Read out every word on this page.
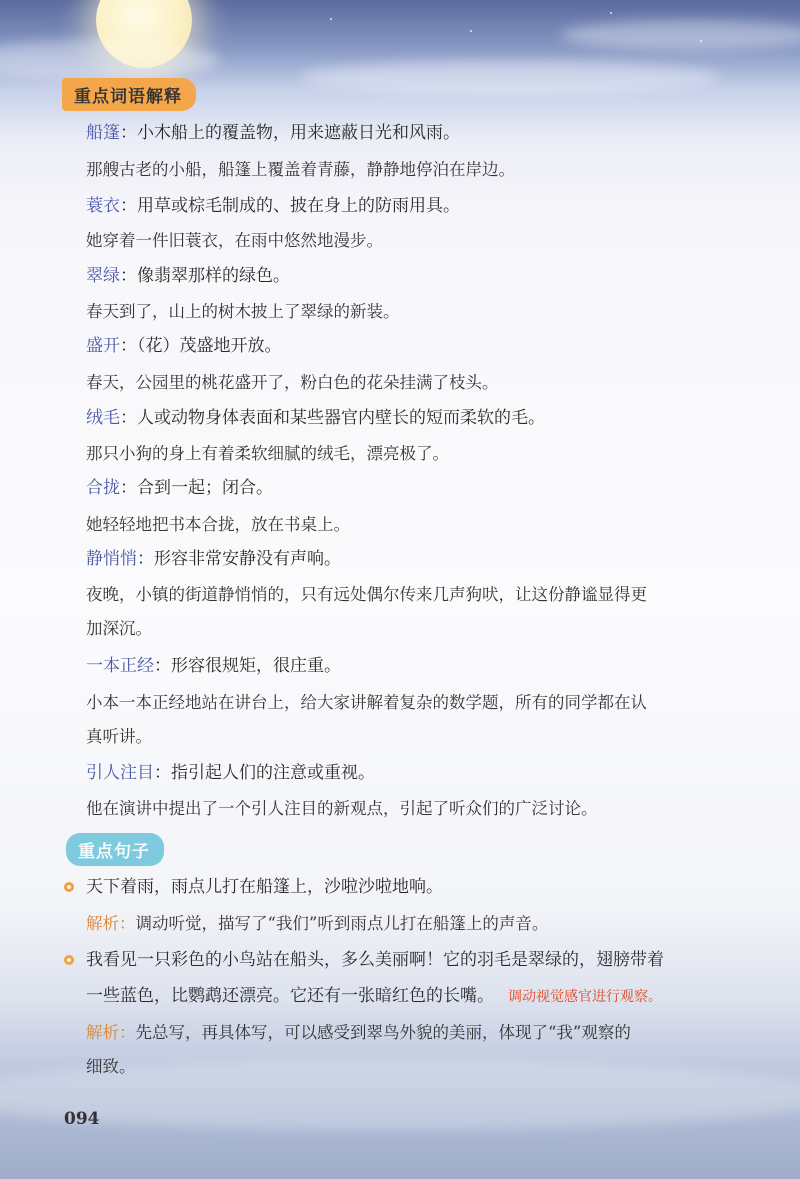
重点词语解释
船篷：小木船上的覆盖物，用来遮蔽日光和风雨。
那艘古老的小船，船篷上覆盖着青藤，静静地停泊在岸边。
蓑衣：用草或棕毛制成的、披在身上的防雨用具。
她穿着一件旧蓑衣，在雨中悠然地漫步。
翠绿：像翡翠那样的绿色。
春天到了，山上的树木披上了翠绿的新装。
盛开：（花）茂盛地开放。
春天，公园里的桃花盛开了，粉白色的花朵挂满了枝头。
绒毛：人或动物身体表面和某些器官内壁长的短而柔软的毛。
那只小狗的身上有着柔软细腻的绒毛，漂亮极了。
合拢：合到一起；闭合。
她轻轻地把书本合拢，放在书桌上。
静悄悄：形容非常安静没有声响。
夜晚，小镇的街道静悄悄的，只有远处偶尔传来几声狗吠，让这份静谧显得更
加深沉。
一本正经：形容很规矩，很庄重。
小本一本正经地站在讲台上，给大家讲解着复杂的数学题，所有的同学都在认
真听讲。
引人注目：指引起人们的注意或重视。
他在演讲中提出了一个引人注目的新观点，引起了听众们的广泛讨论。
重点句子
天下着雨，雨点儿打在船篷上，沙啦沙啦地响。
解析：调动听觉，描写了“我们”听到雨点儿打在船篷上的声音。
我看见一只彩色的小鸟站在船头，多么美丽啊！它的羽毛是翠绿的，翅膀带着
一些蓝色，比鹦鹉还漂亮。它还有一张暗红色的长嘴。 调动视觉感官进行观察。
解析：先总写，再具体写，可以感受到翠鸟外貌的美丽，体现了“我”观察的
细致。
094
